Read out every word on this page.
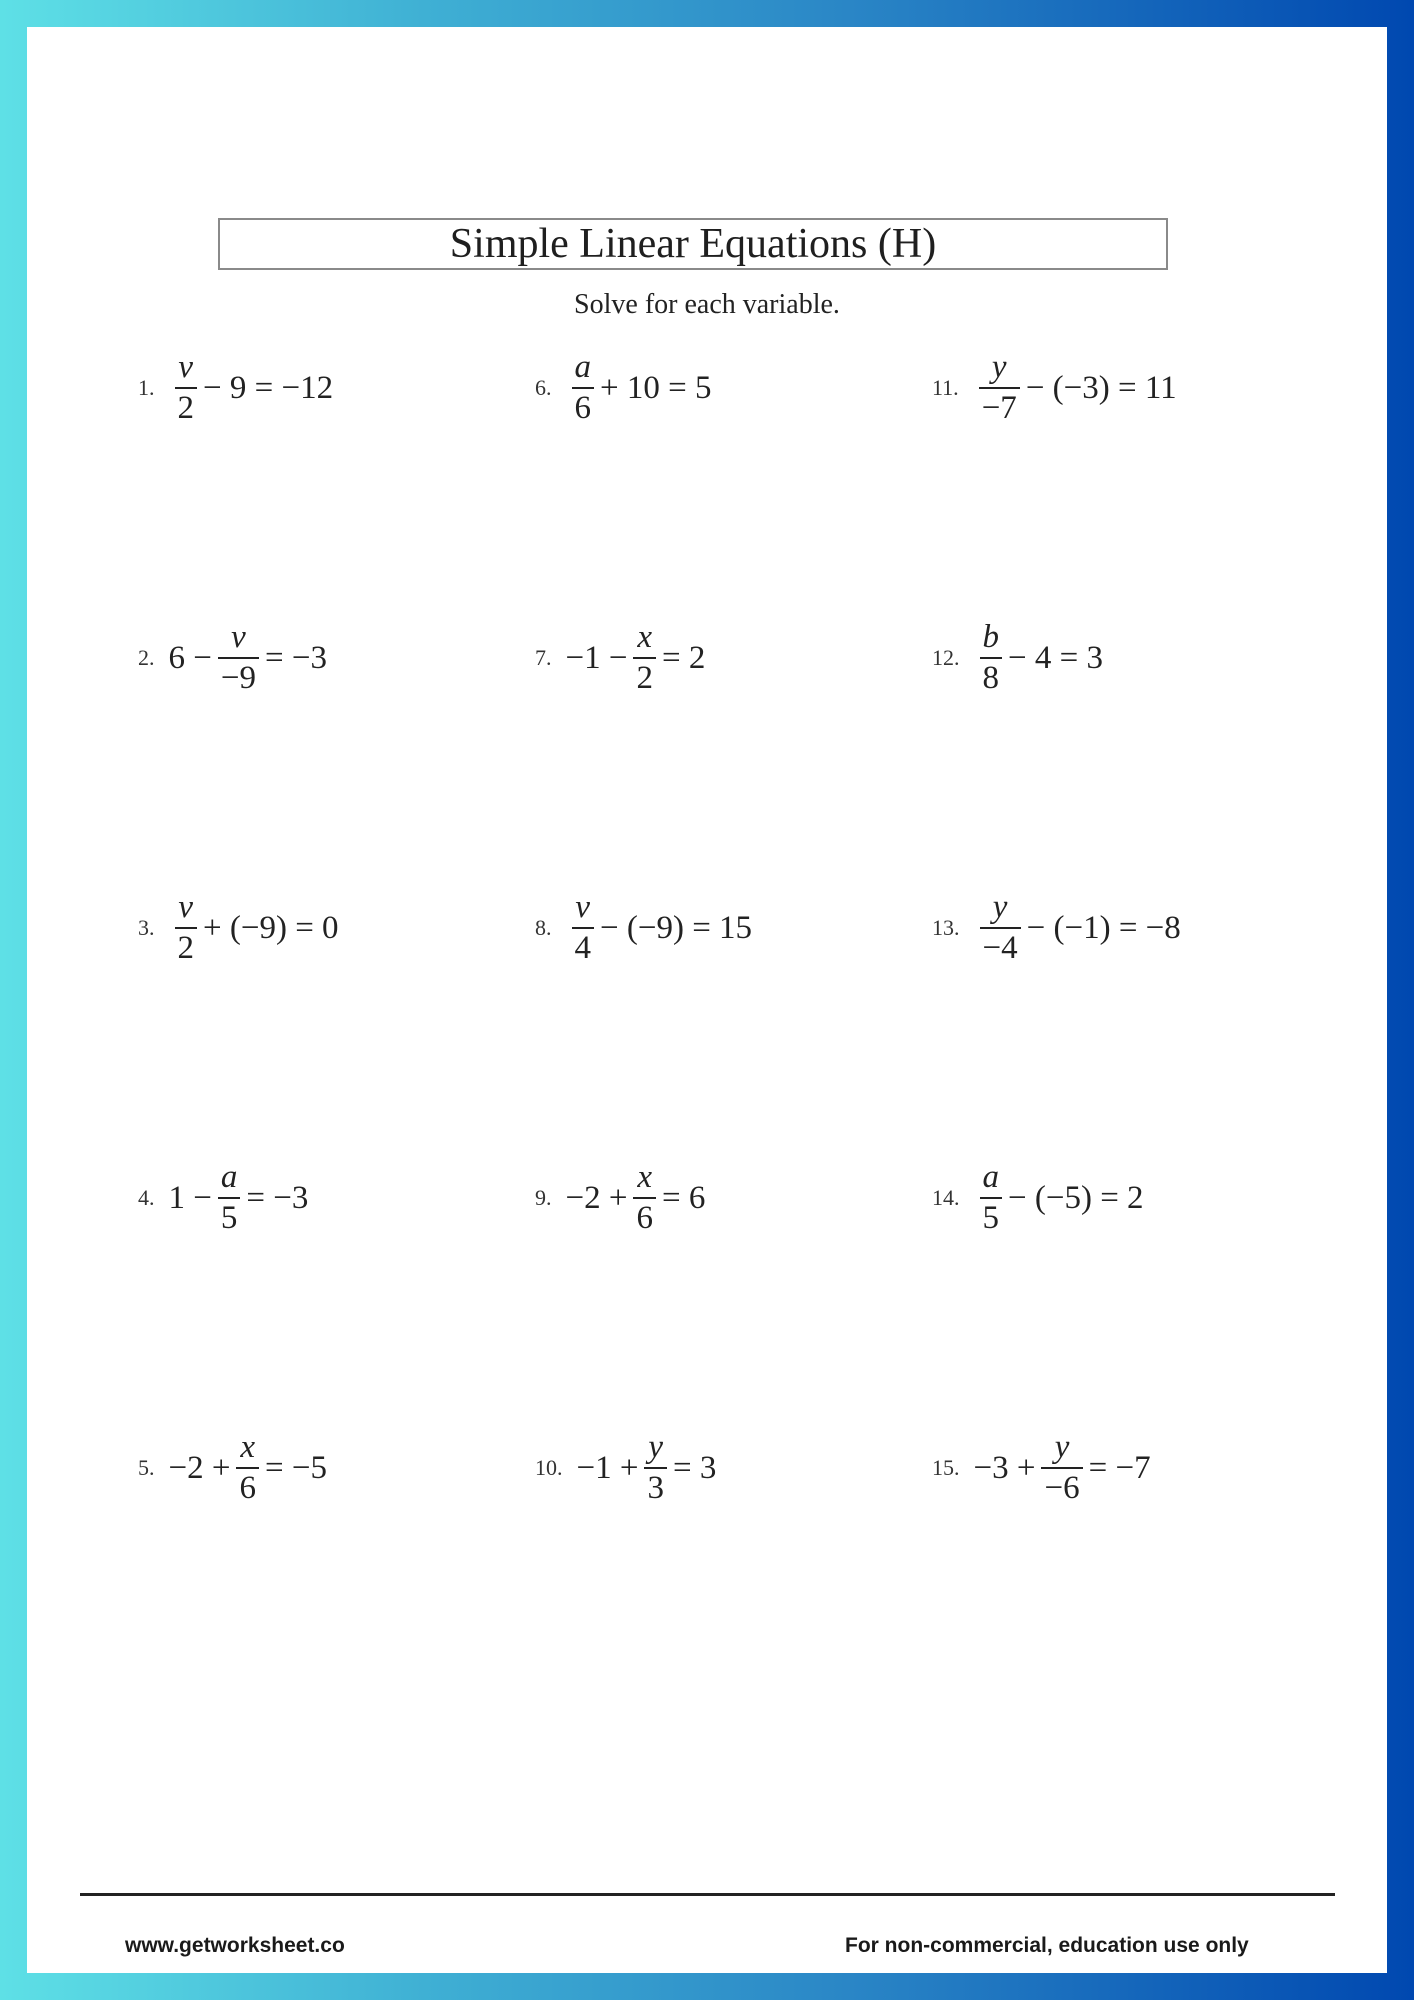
Simple Linear Equations (H)
Solve for each variable.
1. $\frac{v}{2} - 9 = -12$
2. $6 - \frac{v}{-9} = -3$
3. $\frac{v}{2} + (-9) = 0$
4. $1 - \frac{a}{5} = -3$
5. $-2 + \frac{x}{6} = -5$
6. $\frac{a}{6} + 10 = 5$
7. $-1 - \frac{x}{2} = 2$
8. $\frac{v}{4} - (-9) = 15$
9. $-2 + \frac{x}{6} = 6$
10. $-1 + \frac{y}{3} = 3$
11. $\frac{y}{-7} - (-3) = 11$
12. $\frac{b}{8} - 4 = 3$
13. $\frac{y}{-4} - (-1) = -8$
14. $\frac{a}{5} - (-5) = 2$
15. $-3 + \frac{y}{-6} = -7$
www.getworksheet.co	For non-commercial, education use only
